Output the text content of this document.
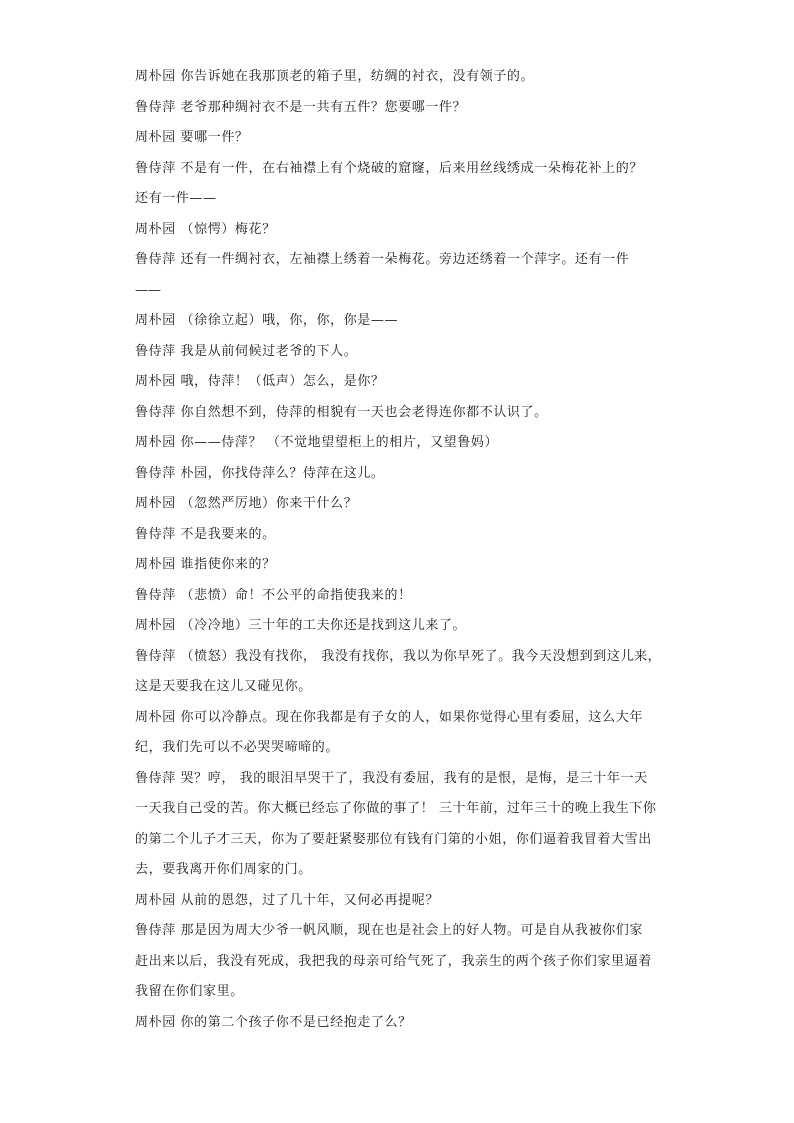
周朴园 你告诉她在我那顶老的箱子里，纺绸的衬衣，没有领子的。
鲁侍萍 老爷那种绸衬衣不是一共有五件？您要哪一件？
周朴园 要哪一件？
鲁侍萍 不是有一件，在右袖襟上有个烧破的窟窿，后来用丝线绣成一朵梅花补上的？
还有一件——
周朴园 （惊愕）梅花？
鲁侍萍 还有一件绸衬衣，左袖襟上绣着一朵梅花。旁边还绣着一个萍字。还有一件
——
周朴园 （徐徐立起）哦，你，你，你是——
鲁侍萍 我是从前伺候过老爷的下人。
周朴园 哦，侍萍！（低声）怎么，是你？
鲁侍萍 你自然想不到，侍萍的相貌有一天也会老得连你都不认识了。
周朴园 你——侍萍？ （不觉地望望柜上的相片，又望鲁妈）
鲁侍萍 朴园，你找侍萍么？侍萍在这儿。
周朴园 （忽然严厉地）你来干什么？
鲁侍萍 不是我要来的。
周朴园 谁指使你来的？
鲁侍萍 （悲愤）命！不公平的命指使我来的！
周朴园 （冷冷地）三十年的工夫你还是找到这儿来了。
鲁侍萍 （愤怒）我没有找你， 我没有找你，我以为你早死了。我今天没想到到这儿来，
这是天要我在这儿又碰见你。
周朴园 你可以冷静点。现在你我都是有子女的人，如果你觉得心里有委屈，这么大年
纪，我们先可以不必哭哭啼啼的。
鲁侍萍 哭？哼， 我的眼泪早哭干了，我没有委屈，我有的是恨，是悔，是三十年一天
一天我自己受的苦。你大概已经忘了你做的事了！ 三十年前，过年三十的晚上我生下你
的第二个儿子才三天，你为了要赶紧娶那位有钱有门第的小姐，你们逼着我冒着大雪出
去，要我离开你们周家的门。
周朴园 从前的恩怨，过了几十年，又何必再提呢？
鲁侍萍 那是因为周大少爷一帆风顺，现在也是社会上的好人物。可是自从我被你们家
赶出来以后，我没有死成，我把我的母亲可给气死了，我亲生的两个孩子你们家里逼着
我留在你们家里。
周朴园 你的第二个孩子你不是已经抱走了么？
